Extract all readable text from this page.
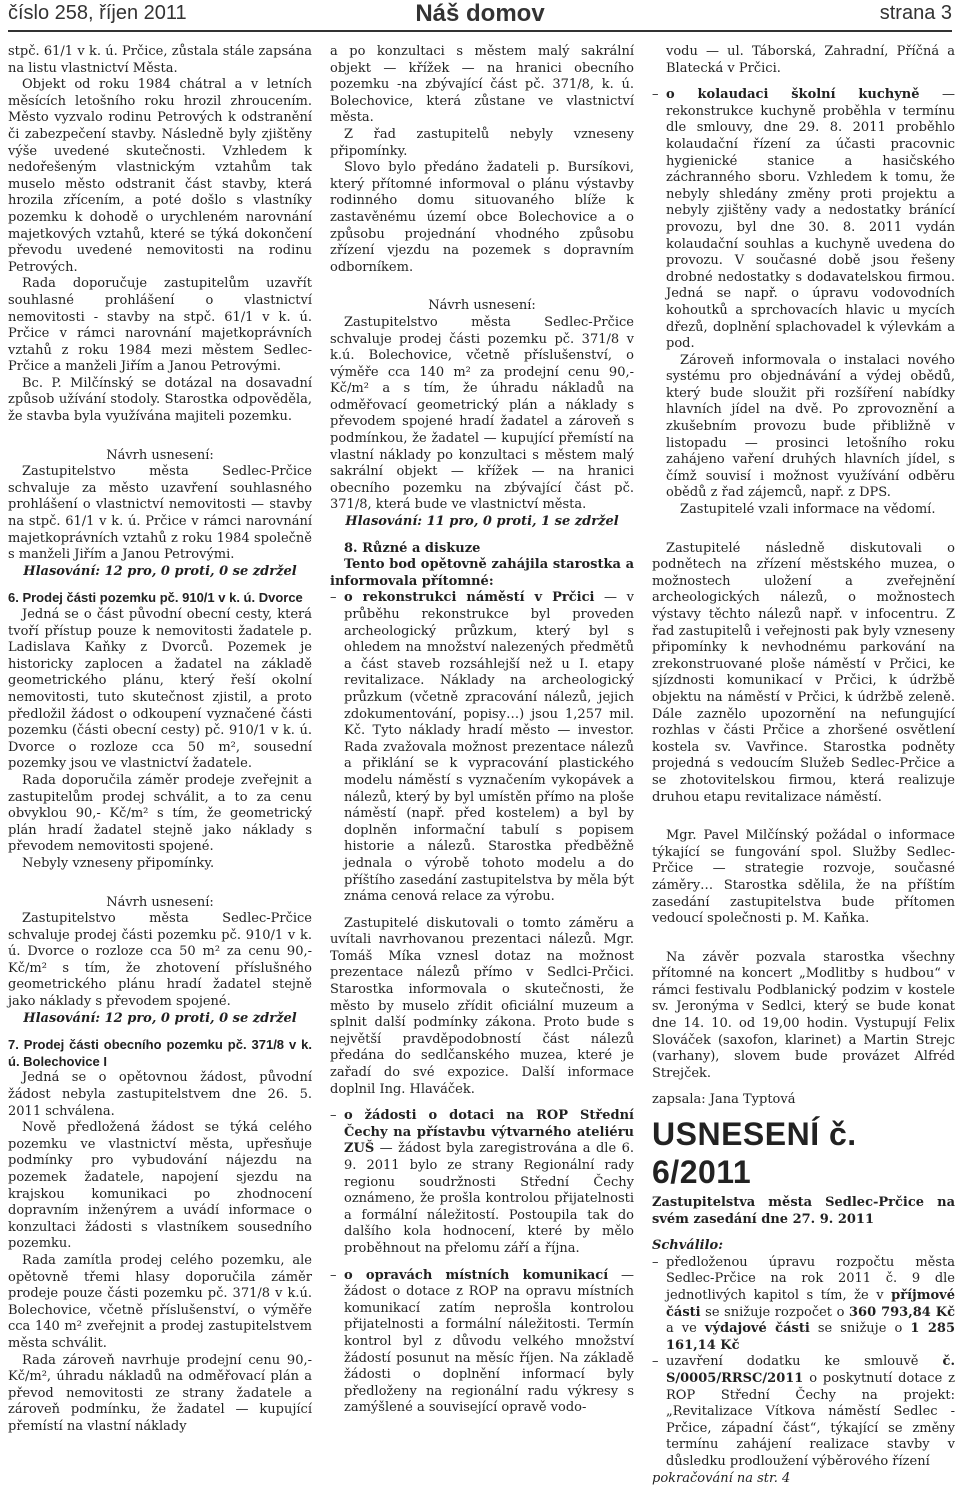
číslo 258, říjen 2011	Náš domov	strana 3

stpč. 61/1 v k. ú. Prčice, zůstala stále zapsána na listu vlastnictví Města.

Objekt od roku 1984 chátral a v letních měsících letošního roku hrozil zhroucením. Město vyzvalo rodinu Petrových k odstranění či zabezpečení stavby. Následně byly zjištěny výše uvedené skutečnosti. Vzhledem k nedořešeným vlastnickým vztahům tak muselo město odstranit část stavby, která hrozila zřícením, a poté došlo s vlastníky pozemku k dohodě o urychleném narovnání majetkových vztahů, které se týká dokončení převodu uvedené nemovitosti na rodinu Petrových.

Rada doporučuje zastupitelům uzavřít souhlasné prohlášení o vlastnictví nemovitosti - stavby na stpč. 61/1 v k. ú. Prčice v rámci narovnání majetkoprávních vztahů z roku 1984 mezi městem Sedlec-Prčice a manželi Jiřím a Janou Petrovými.

Bc. P. Milčínský se dotázal na dosavadní způsob užívání stodoly. Starostka odpověděla, že stavba byla využívána majiteli pozemku.

Návrh usnesení:

Zastupitelstvo města Sedlec-Prčice schvaluje za město uzavření souhlasného prohlášení o vlastnictví nemovitosti — stavby na stpč. 61/1 v k. ú. Prčice v rámci narovnání majetkoprávních vztahů z roku 1984 společně s manželi Jiřím a Janou Petrovými.

Hlasování: 12 pro, 0 proti, 0 se zdržel

6. Prodej části pozemku pč. 910/1 v k. ú. Dvorce

Jedná se o část původní obecní cesty, která tvoří přístup pouze k nemovitosti žadatele p. Ladislava Kaňky z Dvorců. Pozemek je historicky zaplocen a žadatel na základě geometrického plánu, který řeší okolní nemovitosti, tuto skutečnost zjistil, a proto předložil žádost o odkoupení vyznačené části pozemku (části obecní cesty) pč. 910/1 v k. ú. Dvorce o rozloze cca 50 m², sousední pozemky jsou ve vlastnictví žadatele.

Rada doporučila záměr prodeje zveřejnit a zastupitelům prodej schválit, a to za cenu obvyklou 90,- Kč/m² s tím, že geometrický plán hradí žadatel stejně jako náklady s převodem nemovitosti spojené.

Nebyly vzneseny připomínky.

Návrh usnesení:

Zastupitelstvo města Sedlec-Prčice schvaluje prodej části pozemku pč. 910/1 v k. ú. Dvorce o rozloze cca 50 m² za cenu 90,- Kč/m² s tím, že zhotovení příslušného geometrického plánu hradí žadatel stejně jako náklady s převodem spojené.

Hlasování: 12 pro, 0 proti, 0 se zdržel

7. Prodej části obecního pozemku pč. 371/8 v k. ú. Bolechovice I

Jedná se o opětovnou žádost, původní žádost nebyla zastupitelstvem dne 26. 5. 2011 schválena.

Nově předložená žádost se týká celého pozemku ve vlastnictví města, upřesňuje podmínky pro vybudování nájezdu na pozemek žadatele, napojení sjezdu na krajskou komunikaci po zhodnocení dopravním inženýrem a uvádí informace o konzultaci žádosti s vlastníkem sousedního pozemku.

Rada zamítla prodej celého pozemku, ale opětovně třemi hlasy doporučila záměr prodeje pouze části pozemku pč. 371/8 v k.ú. Bolechovice, včetně příslušenství, o výměře cca 140 m² zveřejnit a prodej zastupitelstvem města schválit.

Rada zároveň navrhuje prodejní cenu 90,- Kč/m², úhradu nákladů na odměřovací plán a převod nemovitosti ze strany žadatele a zároveň podmínku, že žadatel — kupující přemístí na vlastní náklady

a po konzultaci s městem malý sakrální objekt — křížek — na hranici obecního pozemku -na zbývající část pč. 371/8, k. ú. Bolechovice, která zůstane ve vlastnictví města.

Z řad zastupitelů nebyly vzneseny připomínky.

Slovo bylo předáno žadateli p. Bursíkovi, který přítomné informoval o plánu výstavby rodinného domu situovaného blíže k zastavěnému území obce Bolechovice a o způsobu projednání vhodného způsobu zřízení vjezdu na pozemek s dopravním odborníkem.

Návrh usnesení:

Zastupitelstvo města Sedlec-Prčice schvaluje prodej části pozemku pč. 371/8 v k.ú. Bolechovice, včetně příslušenství, o výměře cca 140 m² za prodejní cenu 90,- Kč/m² a s tím, že úhradu nákladů na odměřovací geometrický plán a náklady s převodem spojené hradí žadatel a zároveň s podmínkou, že žadatel — kupující přemístí na vlastní náklady po konzultaci s městem malý sakrální objekt — křížek — na hranici obecního pozemku na zbývající část pč. 371/8, která bude ve vlastnictví města.

Hlasování: 11 pro, 0 proti, 1 se zdržel

8. Různé a diskuze

Tento bod opětovně zahájila starostka a informovala přítomné:

– o rekonstrukci náměstí v Prčici — v průběhu rekonstrukce byl proveden archeologický průzkum, který byl s ohledem na množství nalezených předmětů a část staveb rozsáhlejší než u I. etapy revitalizace. Náklady na archeologický průzkum (včetně zpracování nálezů, jejich zdokumentování, popisy…) jsou 1,257 mil. Kč. Tyto náklady hradí město — investor. Rada zvažovala možnost prezentace nálezů a přiklání se k vypracování plastického modelu náměstí s vyznačením vykopávek a nálezů, který by byl umístěn přímo na ploše náměstí (např. před kostelem) a byl by doplněn informační tabulí s popisem historie a nálezů. Starostka předběžně jednala o výrobě tohoto modelu a do příštího zasedání zastupitelstva by měla být známa cenová relace za výrobu.

Zastupitelé diskutovali o tomto záměru a uvítali navrhovanou prezentaci nálezů. Mgr. Tomáš Míka vznesl dotaz na možnost prezentace nálezů přímo v Sedlci-Prčici. Starostka informovala o skutečnosti, že město by muselo zřídit oficiální muzeum a splnit další podmínky zákona. Proto bude s největší pravděpodobností část nálezů předána do sedlčanského muzea, které je zařadí do své expozice. Další informace doplnil Ing. Hlaváček.

– o žádosti o dotaci na ROP Střední Čechy na přístavbu výtvarného ateliéru ZUŠ — žádost byla zaregistrována a dle 6. 9. 2011 bylo ze strany Regionální rady regionu soudržnosti Střední Čechy oznámeno, že prošla kontrolou přijatelnosti a formální náležitostí. Postoupila tak do dalšího kola hodnocení, které by mělo proběhnout na přelomu září a října.

– o opravách místních komunikací — žádost o dotace z ROP na opravu místních komunikací zatím neprošla kontrolou přijatelnosti a formální náležitosti. Termín kontrol byl z důvodu velkého množství žádostí posunut na měsíc říjen. Na základě žádosti o doplnění informací byly předloženy na regionální radu výkresy s zamýšlené a související opravě vodo-

vodu — ul. Táborská, Zahradní, Příčná a Blatecká v Prčici.

– o kolaudaci školní kuchyně — rekonstrukce kuchyně proběhla v termínu dle smlouvy, dne 29. 8. 2011 proběhlo kolaudační řízení za účasti pracovnic hygienické stanice a hasičského záchranného sboru. Vzhledem k tomu, že nebyly shledány změny proti projektu a nebyly zjištěny vady a nedostatky bránící provozu, byl dne 30. 8. 2011 vydán kolaudační souhlas a kuchyně uvedena do provozu. V současné době jsou řešeny drobné nedostatky s dodavatelskou firmou. Jedná se např. o úpravu vodovodních kohoutků a sprchovacích hlavic u mycích dřezů, doplnění splachovadel k výlevkám a pod.

Zároveň informovala o instalaci nového systému pro objednávání a výdej obědů, který bude sloužit při rozšíření nabídky hlavních jídel na dvě. Po zprovoznění a zkušebním provozu bude přibližně v listopadu — prosinci letošního roku zahájeno vaření druhých hlavních jídel, s čímž souvisí i možnost využívání odběru obědů z řad zájemců, např. z DPS.

Zastupitelé vzali informace na vědomí.

Zastupitelé následně diskutovali o podnětech na zřízení městského muzea, o možnostech uložení a zveřejnění archeologických nálezů, o možnostech výstavy těchto nálezů např. v infocentru. Z řad zastupitelů i veřejnosti pak byly vzneseny připomínky k nevhodnému parkování na zrekonstruované ploše náměstí v Prčici, ke sjízdnosti komunikací v Prčici, k údržbě objektu na náměstí v Prčici, k údržbě zeleně. Dále zaznělo upozornění na nefungující rozhlas v části Prčice a zhoršené osvětlení kostela sv. Vavřince. Starostka podněty projedná s vedoucím Služeb Sedlec-Prčice a se zhotovitelskou firmou, která realizuje druhou etapu revitalizace náměstí.

Mgr. Pavel Milčínský požádal o informace týkající se fungování spol. Služby Sedlec-Prčice — strategie rozvoje, současné záměry… Starostka sdělila, že na příštím zasedání zastupitelstva bude přítomen vedoucí společnosti p. M. Kaňka.

Na závěr pozvala starostka všechny přítomné na koncert „Modlitby s hudbou“ v rámci festivalu Podblanický podzim v kostele sv. Jeronýma v Sedlci, který se bude konat dne 14. 10. od 19,00 hodin. Vystupují Felix Slováček (saxofon, klarinet) a Martin Strejc (varhany), slovem bude provázet Alfréd Strejček.

zapsala: Jana Typtová

USNESENÍ č. 6/2011

Zastupitelstva města Sedlec-Prčice na svém zasedání dne 27. 9. 2011

Schválilo:

– předloženou úpravu rozpočtu města Sedlec-Prčice na rok 2011 č. 9 dle jednotlivých kapitol s tím, že v příjmové části se snižuje rozpočet o 360 793,84 Kč a ve výdajové části se snižuje o 1 285 161,14 Kč

– uzavření dodatku ke smlouvě č. S/0005/RRSC/2011 o poskytnutí dotace z ROP Střední Čechy na projekt: „Revitalizace Vítkova náměstí Sedlec - Prčice, západní část“, týkající se změny termínu zahájení realizace stavby v důsledku prodloužení výběrového řízení

pokračování na str. 4
